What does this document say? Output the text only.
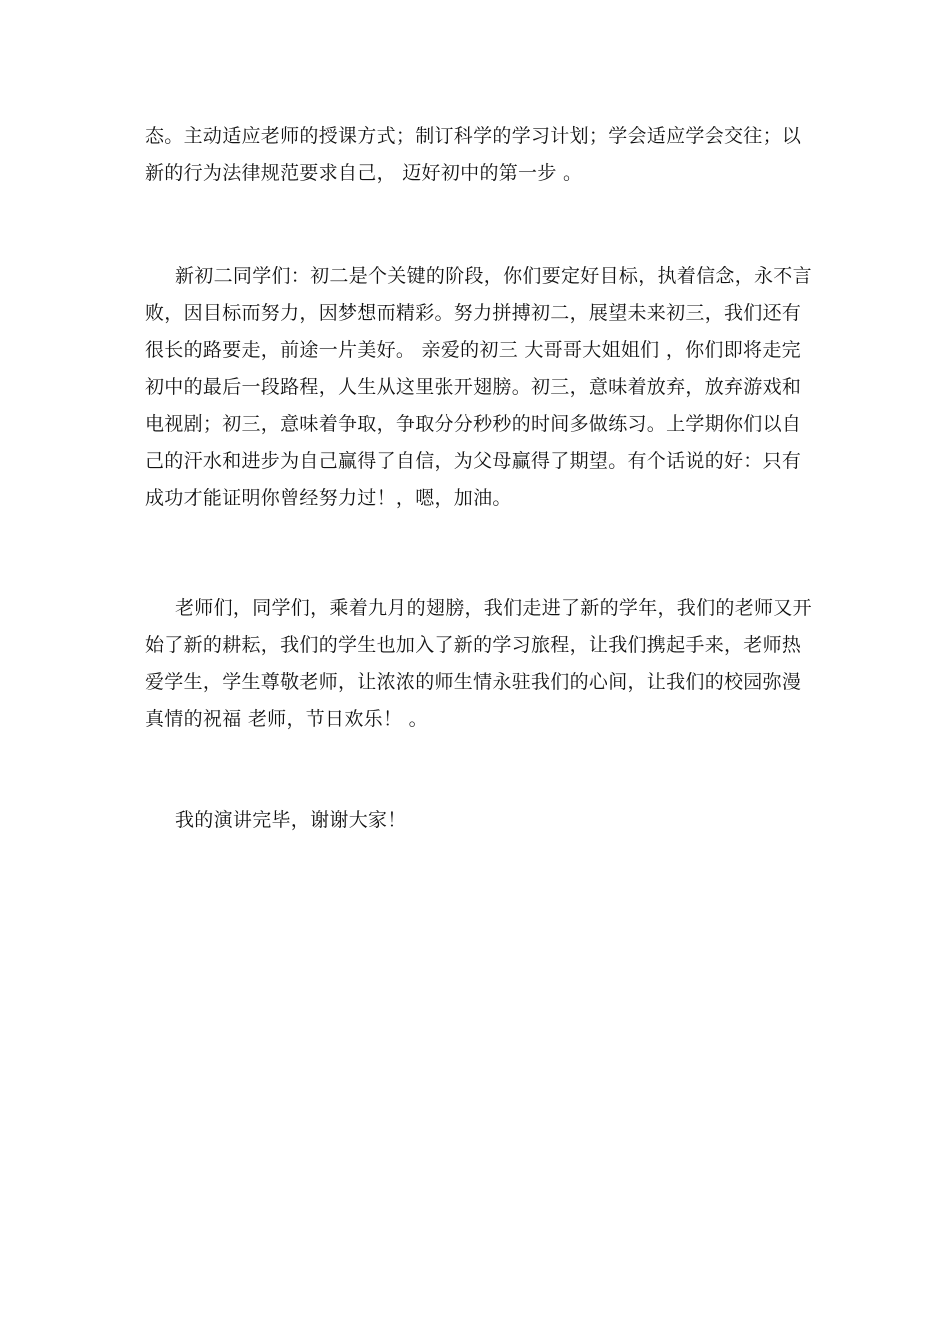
态。主动适应老师的授课方式；制订科学的学习计划；学会适应学会交往；以
新的行为法律规范要求自己， 迈好初中的第一步 。

新初二同学们：初二是个关键的阶段，你们要定好目标，执着信念，永不言
败，因目标而努力，因梦想而精彩。努力拼搏初二，展望未来初三，我们还有
很长的路要走，前途一片美好。 亲爱的初三 大哥哥大姐姐们 ，你们即将走完
初中的最后一段路程，人生从这里张开翅膀。初三，意味着放弃，放弃游戏和
电视剧；初三，意味着争取，争取分分秒秒的时间多做练习。上学期你们以自
己的汗水和进步为自己赢得了自信，为父母赢得了期望。有个话说的好：只有
成功才能证明你曾经努力过！，嗯，加油。

老师们，同学们，乘着九月的翅膀，我们走进了新的学年，我们的老师又开
始了新的耕耘，我们的学生也加入了新的学习旅程，让我们携起手来，老师热
爱学生，学生尊敬老师，让浓浓的师生情永驻我们的心间，让我们的校园弥漫
真情的祝福 老师，节日欢乐！ 。

我的演讲完毕，谢谢大家！
